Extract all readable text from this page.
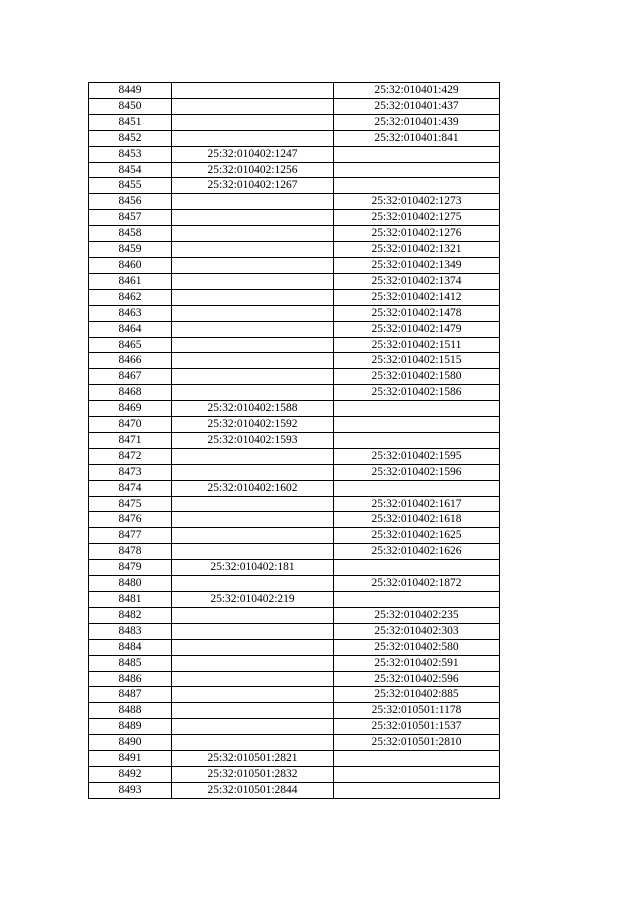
8449		25:32:010401:429
8450		25:32:010401:437
8451		25:32:010401:439
8452		25:32:010401:841
8453	25:32:010402:1247	
8454	25:32:010402:1256	
8455	25:32:010402:1267	
8456		25:32:010402:1273
8457		25:32:010402:1275
8458		25:32:010402:1276
8459		25:32:010402:1321
8460		25:32:010402:1349
8461		25:32:010402:1374
8462		25:32:010402:1412
8463		25:32:010402:1478
8464		25:32:010402:1479
8465		25:32:010402:1511
8466		25:32:010402:1515
8467		25:32:010402:1580
8468		25:32:010402:1586
8469	25:32:010402:1588	
8470	25:32:010402:1592	
8471	25:32:010402:1593	
8472		25:32:010402:1595
8473		25:32:010402:1596
8474	25:32:010402:1602	
8475		25:32:010402:1617
8476		25:32:010402:1618
8477		25:32:010402:1625
8478		25:32:010402:1626
8479	25:32:010402:181	
8480		25:32:010402:1872
8481	25:32:010402:219	
8482		25:32:010402:235
8483		25:32:010402:303
8484		25:32:010402:580
8485		25:32:010402:591
8486		25:32:010402:596
8487		25:32:010402:885
8488		25:32:010501:1178
8489		25:32:010501:1537
8490		25:32:010501:2810
8491	25:32:010501:2821	
8492	25:32:010501:2832	
8493	25:32:010501:2844	
